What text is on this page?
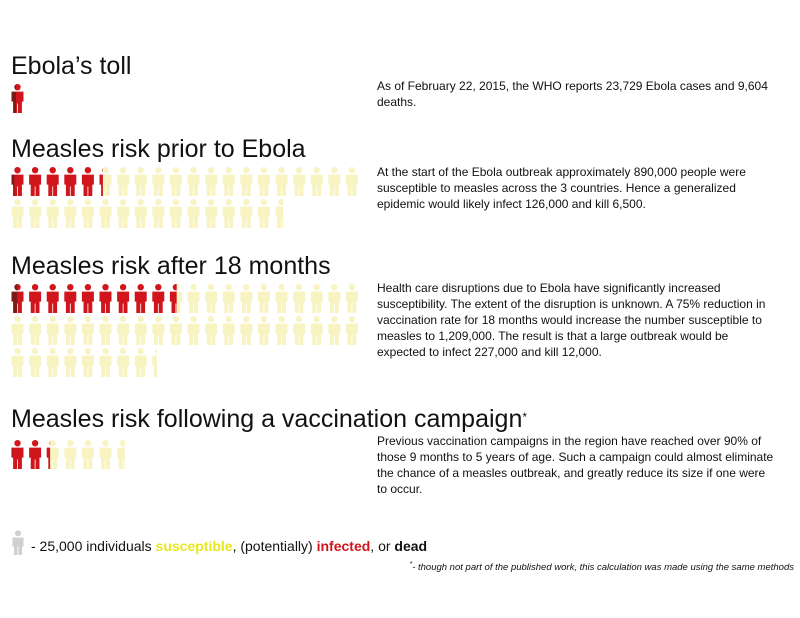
Ebola’s toll

As of February 22, 2015, the WHO reports 23,729 Ebola cases and 9,604 deaths.

Measles risk prior to Ebola

At the start of the Ebola outbreak approximately 890,000 people were susceptible to measles across the 3 countries. Hence a generalized epidemic would likely infect 126,000 and kill 6,500.

Measles risk after 18 months

Health care disruptions due to Ebola have significantly increased susceptibility. The extent of the disruption is unknown. A 75% reduction in vaccination rate for 18 months would increase the number susceptible to measles to 1,209,000. The result is that a large outbreak would be expected to infect 227,000 and kill 12,000.

Measles risk following a vaccination campaign*

Previous vaccination campaigns in the region have reached over 90% of those 9 months to 5 years of age. Such a campaign could almost eliminate the chance of a measles outbreak, and greatly reduce its size if one were to occur.

- 25,000 individuals susceptible, (potentially) infected, or dead
*- though not part of the published work, this calculation was made using the same methods
